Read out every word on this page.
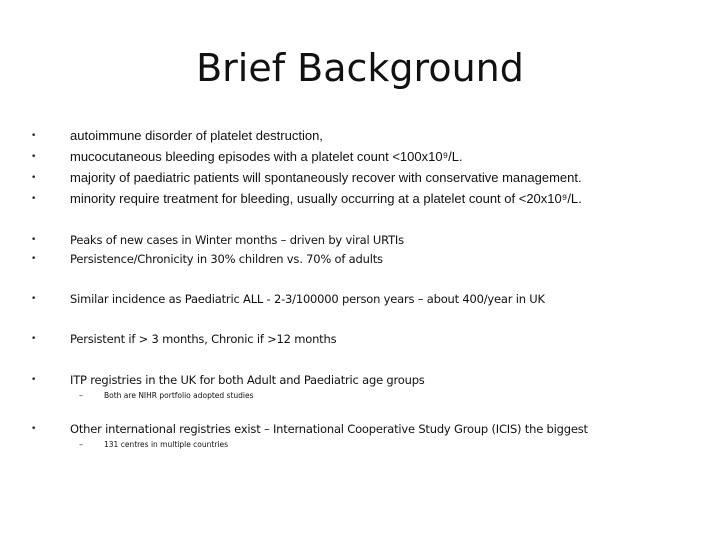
Brief Background
•	autoimmune disorder of platelet destruction,
•	mucocutaneous bleeding episodes with a platelet count <100x10⁹/L.
•	majority of paediatric patients will spontaneously recover with conservative management.
•	minority require treatment for bleeding, usually occurring at a platelet count of <20x10⁹/L.
•	Peaks of new cases in Winter months – driven by viral URTIs
•	Persistence/Chronicity in 30% children vs. 70% of adults
•	Similar incidence as Paediatric ALL - 2-3/100000 person years – about 400/year in UK
•	Persistent if > 3 months, Chronic if >12 months
•	ITP registries in the UK for both Adult and Paediatric age groups
–	Both are NIHR portfolio adopted studies
•	Other international registries exist – International Cooperative Study Group (ICIS) the biggest
–	131 centres in multiple countries
